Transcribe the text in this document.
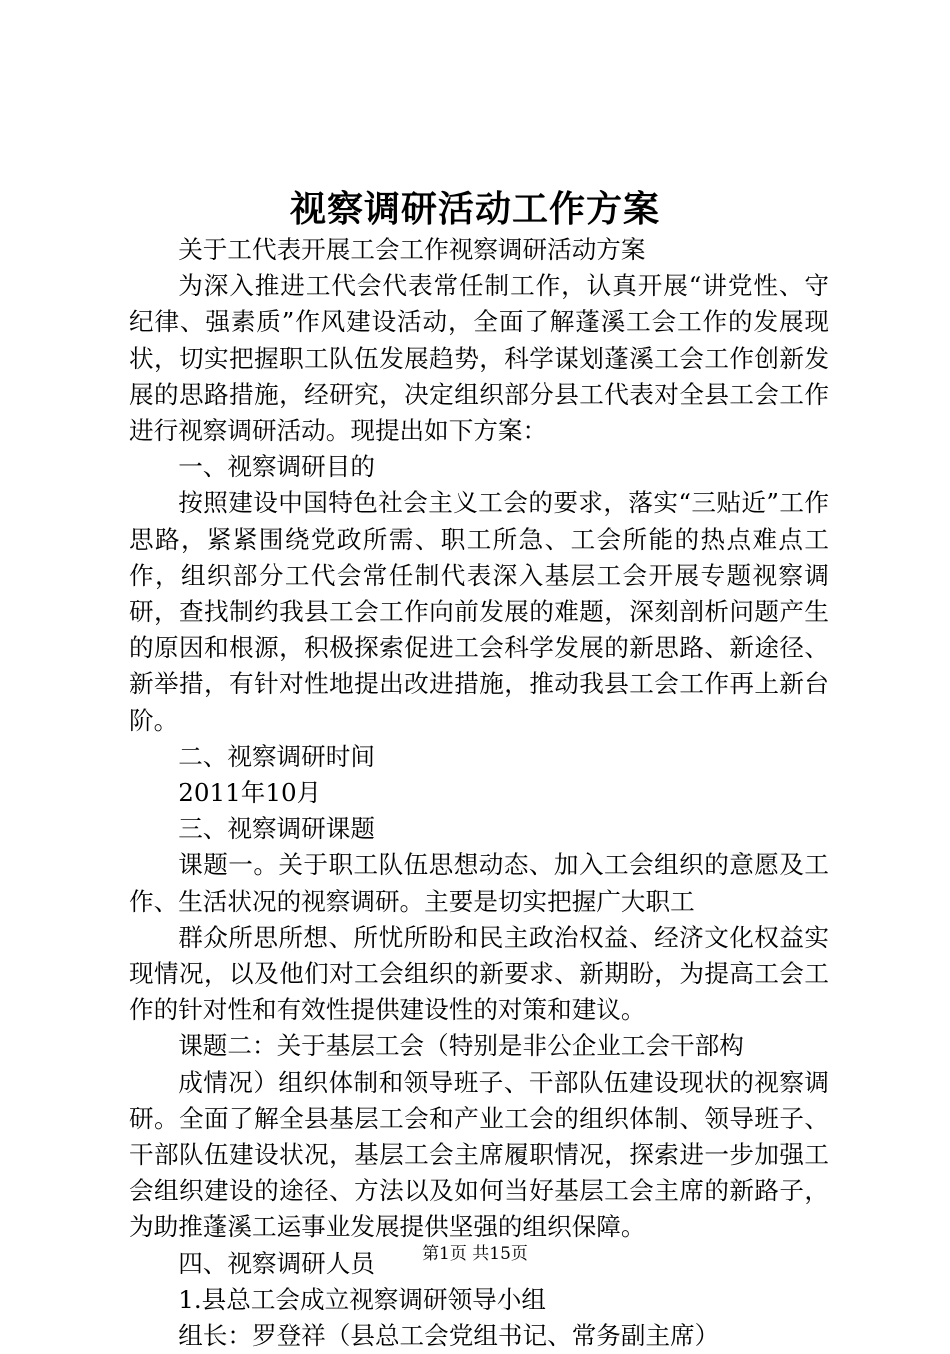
视察调研活动工作方案

关于工代表开展工会工作视察调研活动方案

为深入推进工代会代表常任制工作，认真开展“讲党性、守纪律、强素质”作风建设活动，全面了解蓬溪工会工作的发展现状，切实把握职工队伍发展趋势，科学谋划蓬溪工会工作创新发展的思路措施，经研究，决定组织部分县工代表对全县工会工作进行视察调研活动。现提出如下方案：

一、视察调研目的

按照建设中国特色社会主义工会的要求，落实“三贴近”工作思路，紧紧围绕党政所需、职工所急、工会所能的热点难点工作，组织部分工代会常任制代表深入基层工会开展专题视察调研，查找制约我县工会工作向前发展的难题，深刻剖析问题产生的原因和根源，积极探索促进工会科学发展的新思路、新途径、新举措，有针对性地提出改进措施，推动我县工会工作再上新台阶。

二、视察调研时间

2011年10月

三、视察调研课题

课题一。关于职工队伍思想动态、加入工会组织的意愿及工作、生活状况的视察调研。主要是切实把握广大职工

群众所思所想、所忧所盼和民主政治权益、经济文化权益实现情况，以及他们对工会组织的新要求、新期盼，为提高工会工作的针对性和有效性提供建设性的对策和建议。

课题二：关于基层工会（特别是非公企业工会干部构

成情况）组织体制和领导班子、干部队伍建设现状的视察调研。全面了解全县基层工会和产业工会的组织体制、领导班子、干部队伍建设状况，基层工会主席履职情况，探索进一步加强工会组织建设的途径、方法以及如何当好基层工会主席的新路子，为助推蓬溪工运事业发展提供坚强的组织保障。

四、视察调研人员

1.县总工会成立视察调研领导小组

组长：罗登祥（县总工会党组书记、常务副主席）

第1页 共15页
